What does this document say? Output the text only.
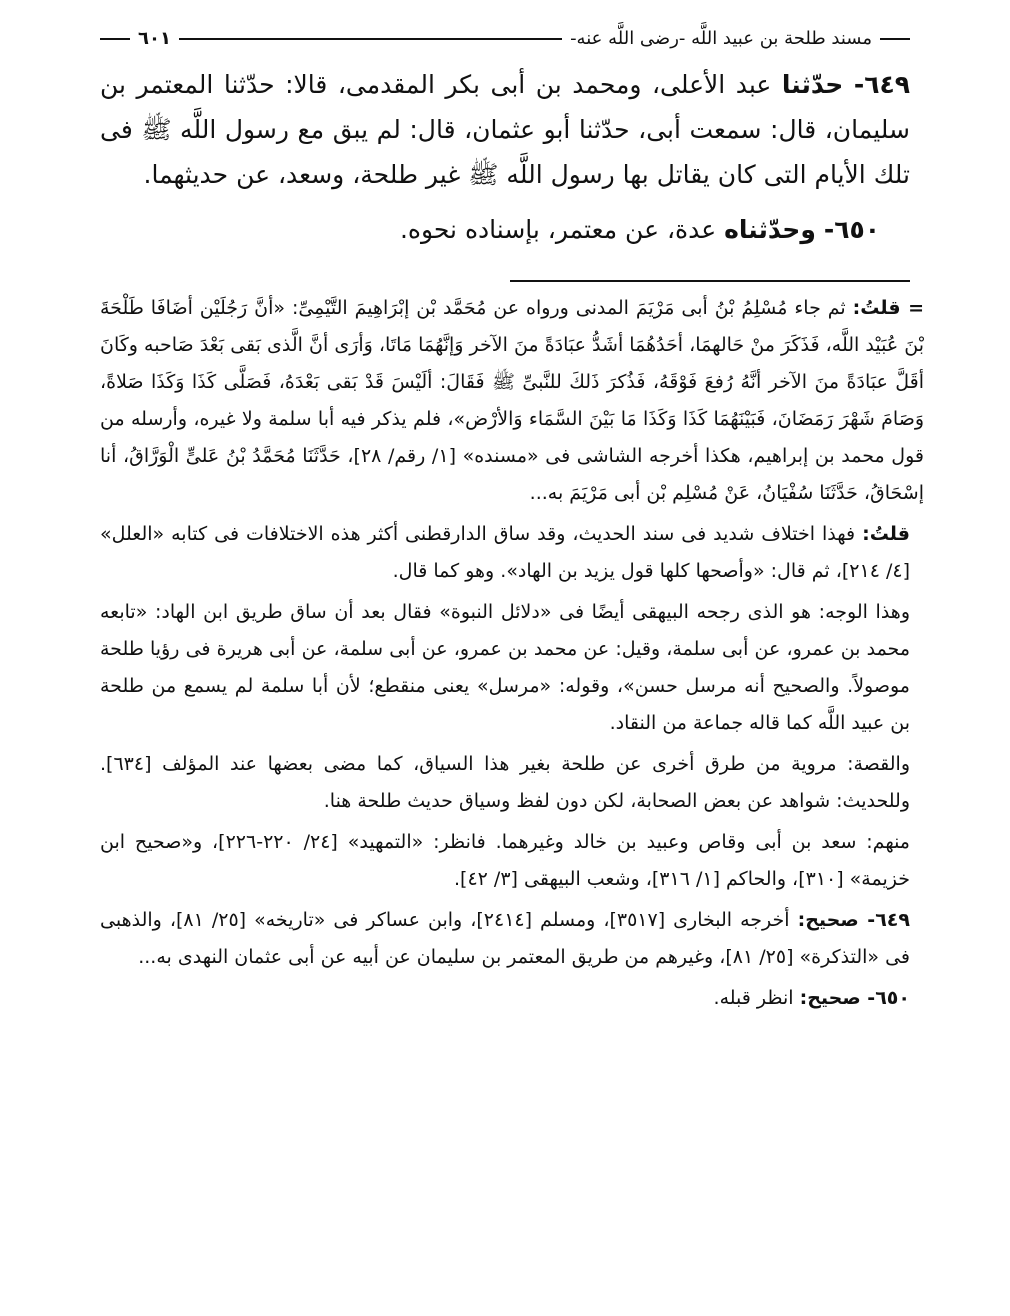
مسند طلحة بن عبيد اللَّه -رضى اللَّه عنه-
٦٠١

٦٤٩- حدّثنا عبد الأعلى، ومحمد بن أبى بكر المقدمى، قالا: حدّثنا المعتمر بن سليمان، قال: سمعت أبى، حدّثنا أبو عثمان، قال: لم يبق مع رسول اللَّه ﷺ فى تلك الأيام التى كان يقاتل بها رسول اللَّه ﷺ غير طلحة، وسعد، عن حديثهما.

٦٥٠- وحدّثناه عدة، عن معتمر، بإسناده نحوه.

= قلتُ: ثم جاء مُسْلِمُ بْنُ أبى مَرْيَمَ المدنى ورواه عن مُحَمَّد بْن إبْرَاهِيمَ التَّيْمِىِّ: «أنَّ رَجُلَيْن أضَافَا طَلْحَةَ بْنَ عُبَيْد اللَّه، فَذَكَرَ منْ حَالهمَا، أحَدُهُمَا أشَدُّ عبَادَةً منَ الآخر وَإنَّهُمَا مَاتَا، وَأرَى أنَّ الَّذى بَقى بَعْدَ صَاحبه وكَانَ أقَلَّ عبَادَةً منَ الآخر أنَّهُ رُفعَ فَوْقَهُ، فَذُكرَ ذَلكَ للنَّبىِّ ﷺ فَقَالَ: ألَيْسَ قَدْ بَقى بَعْدَهُ، فَصَلَّى كَذَا وَكَذَا صَلاةً، وَصَامَ شَهْرَ رَمَضَانَ، فَبَيْنَهُمَا كَذَا وَكَذَا مَا بَيْنَ السَّمَاء وَالأرْض»، فلم يذكر فيه أبا سلمة ولا غيره، وأرسله من قول محمد بن إبراهيم، هكذا أخرجه الشاشى فى «مسنده» [١/ رقم/ ٢٨]، حَدَّثَنَا مُحَمَّدُ بْنُ عَلىٍّ الْوَرَّاقُ، أنا إسْحَاقُ، حَدَّثَنَا سُفْيَانُ، عَنْ مُسْلِم بْن أبى مَرْيَمَ به...

قلتُ: فهذا اختلاف شديد فى سند الحديث، وقد ساق الدارقطنى أكثر هذه الاختلافات فى كتابه «العلل» [٤/ ٢١٤]، ثم قال: «وأصحها كلها قول يزيد بن الهاد». وهو كما قال.

وهذا الوجه: هو الذى رجحه البيهقى أيضًا فى «دلائل النبوة» فقال بعد أن ساق طريق ابن الهاد: «تابعه محمد بن عمرو، عن أبى سلمة، وقيل: عن محمد بن عمرو، عن أبى سلمة، عن أبى هريرة فى رؤيا طلحة موصولاً. والصحيح أنه مرسل حسن»، وقوله: «مرسل» يعنى منقطع؛ لأن أبا سلمة لم يسمع من طلحة بن عبيد اللَّه كما قاله جماعة من النقاد.

والقصة: مروية من طرق أخرى عن طلحة بغير هذا السياق، كما مضى بعضها عند المؤلف [٦٣٤]. وللحديث: شواهد عن بعض الصحابة، لكن دون لفظ وسياق حديث طلحة هنا.

منهم: سعد بن أبى وقاص وعبيد بن خالد وغيرهما. فانظر: «التمهيد» [٢٤/ ٢٢٠-٢٢٦]، و«صحيح ابن خزيمة» [٣١٠]، والحاكم [١/ ٣١٦]، وشعب البيهقى [٣/ ٤٢].

٦٤٩- صحيح: أخرجه البخارى [٣٥١٧]، ومسلم [٢٤١٤]، وابن عساكر فى «تاريخه» [٢٥/ ٨١]، والذهبى فى «التذكرة» [٢٥/ ٨١]، وغيرهم من طريق المعتمر بن سليمان عن أبيه عن أبى عثمان النهدى به...

٦٥٠- صحيح: انظر قبله.
